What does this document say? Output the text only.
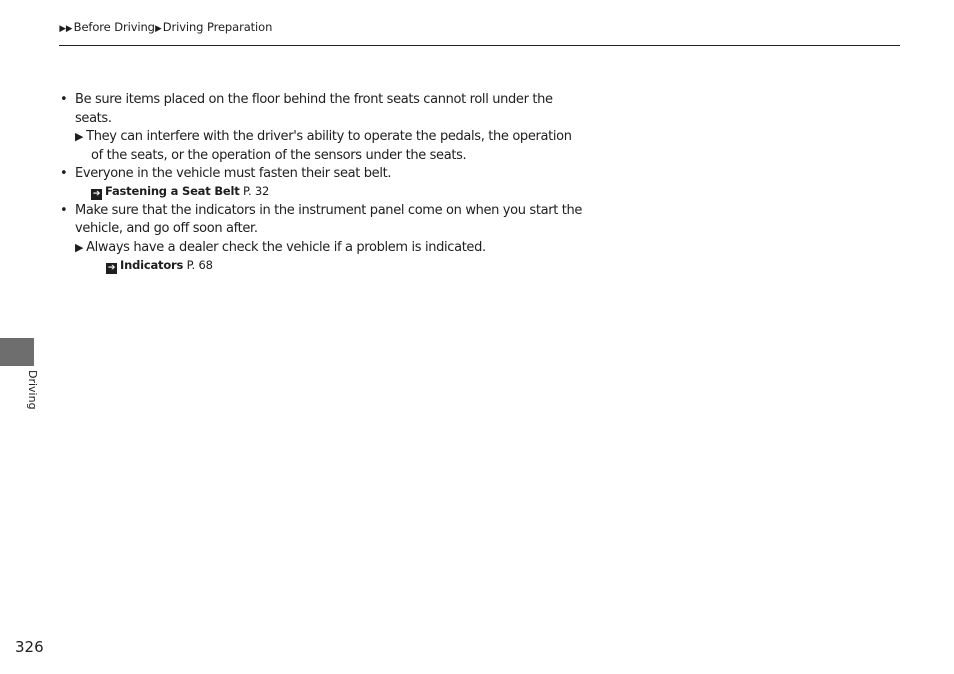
▶▶Before Driving▶Driving Preparation
• Be sure items placed on the floor behind the front seats cannot roll under the
seats.
▶ They can interfere with the driver's ability to operate the pedals, the operation
of the seats, or the operation of the sensors under the seats.
• Everyone in the vehicle must fasten their seat belt.
➔ Fastening a Seat Belt P. 32
• Make sure that the indicators in the instrument panel come on when you start the
vehicle, and go off soon after.
▶ Always have a dealer check the vehicle if a problem is indicated.
➔ Indicators P. 68
Driving
326
